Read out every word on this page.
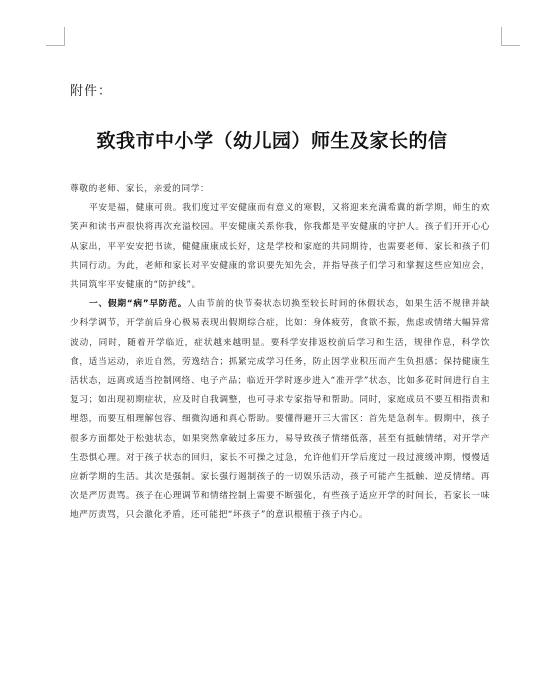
附件：
致我市中小学（幼儿园）师生及家长的信

尊敬的老师、家长，亲爱的同学：

平安是福，健康可贵。我们度过平安健康而有意义的寒假，又将迎来充满希冀的新学期，师生的欢笑声和读书声很快将再次充溢校园。平安健康关系你我，你我都是平安健康的守护人。孩子们开开心心从家出，平平安安把书读，健健康康成长好，这是学校和家庭的共同期待，也需要老师、家长和孩子们共同行动。为此，老师和家长对平安健康的常识要先知先会，并指导孩子们学习和掌握这些应知应会，共同筑牢平安健康的“防护线”。

一、假期“病”早防范。人由节前的快节奏状态切换至较长时间的休假状态，如果生活不规律并缺少科学调节，开学前后身心极易表现出假期综合症，比如：身体疲劳，食欲不振，焦虑或情绪大幅异常波动，同时，随着开学临近，症状越来越明显。要科学安排返校前后学习和生活，规律作息，科学饮食，适当运动，亲近自然，劳逸结合；抓紧完成学习任务，防止因学业积压而产生负担感；保持健康生活状态，远离或适当控制网络、电子产品；临近开学时逐步进入“准开学”状态，比如多花时间进行自主复习；如出现初期症状，应及时自我调整，也可寻求专家指导和帮助。同时，家庭成员不要互相指责和埋怨，而要互相理解包容、细微沟通和真心帮助。要懂得避开三大雷区：首先是急刹车。假期中，孩子很多方面都处于松弛状态，如果突然拿破过多压力，易导致孩子情绪低落，甚至有抵触情绪，对开学产生恐惧心理。对于孩子状态的回归，家长不可操之过急，允许他们开学后度过一段过渡缓冲期，慢慢适应新学期的生活。其次是强制。家长强行遏制孩子的一切娱乐活动，孩子可能产生抵触、逆反情绪。再次是严厉责骂。孩子在心理调节和情绪控制上需要不断强化，有些孩子适应开学的时间长，若家长一味地严厉责骂，只会激化矛盾，还可能把“坏孩子”的意识根植于孩子内心。
